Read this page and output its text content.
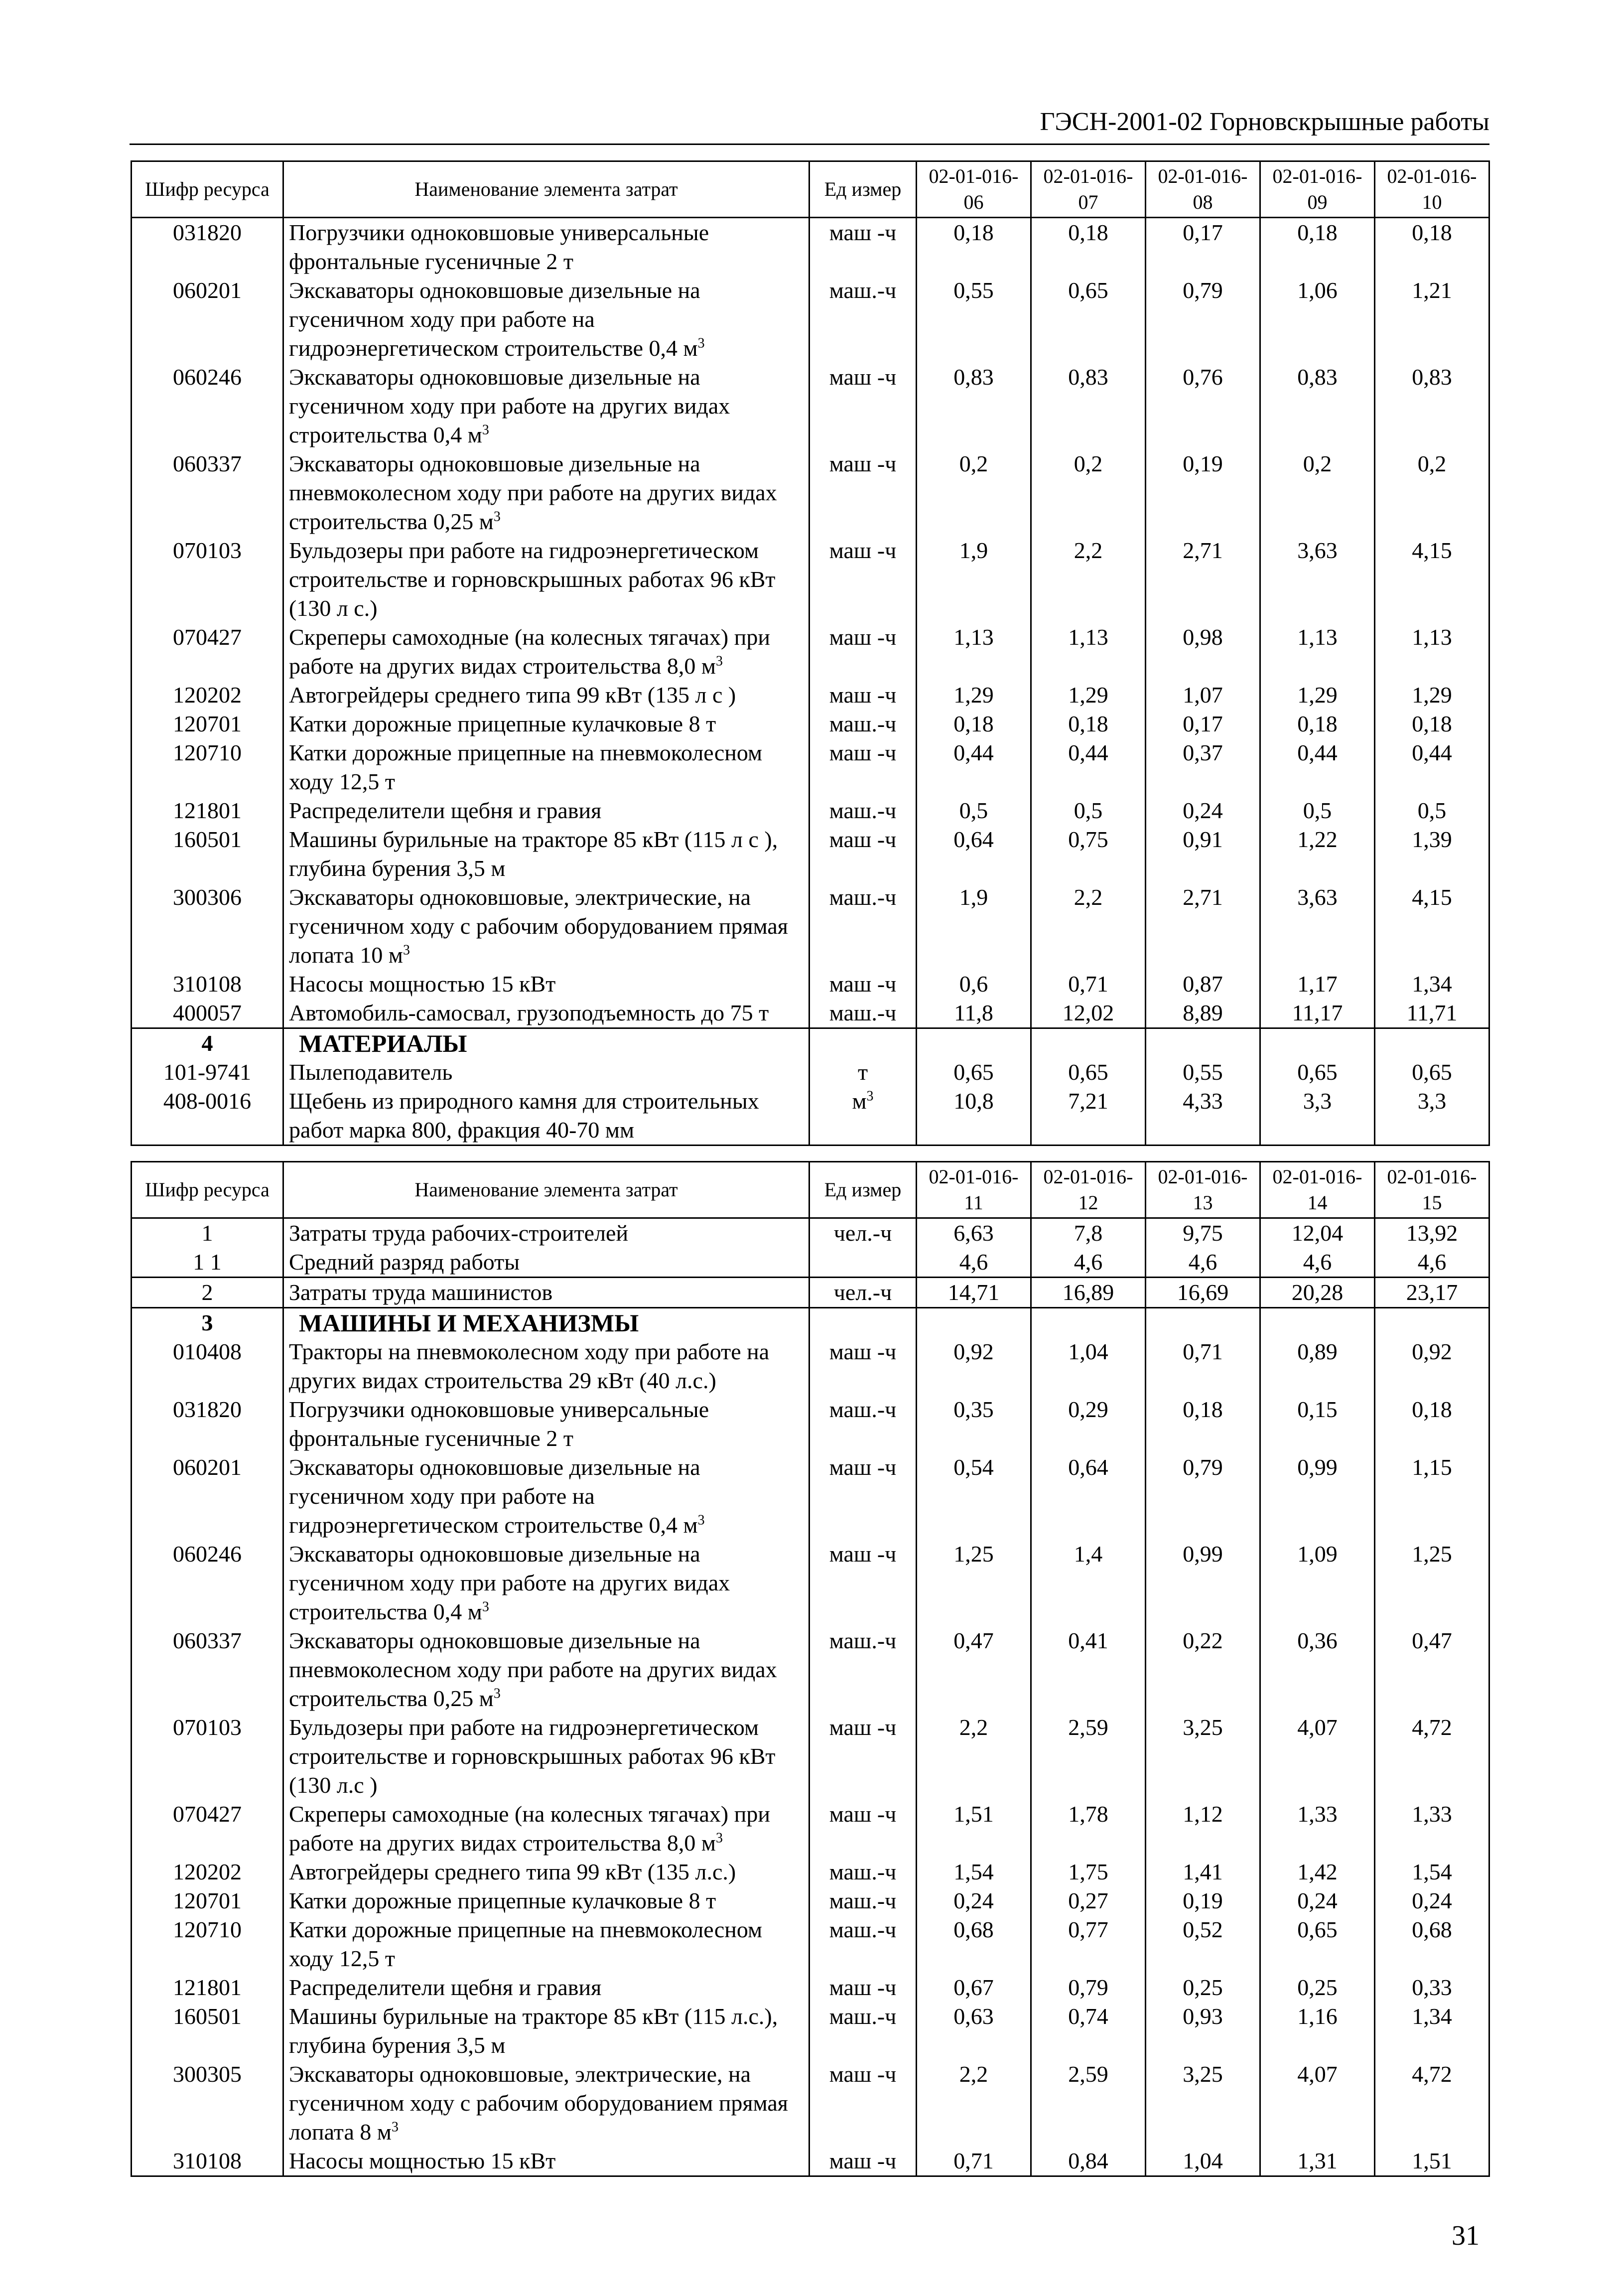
ГЭСН-2001-02 Горновскрышные работы
Шифр ресурса	Наименование элемента затрат	Ед измер	02-01-016-06	02-01-016-07	02-01-016-08	02-01-016-09	02-01-016-10
031820	Погрузчики одноковшовые универсальные фронтальные гусеничные 2 т	маш -ч	0,18	0,18	0,17	0,18	0,18
060201	Экскаваторы одноковшовые дизельные на гусеничном ходу при работе на гидроэнергетическом строительстве 0,4 $м^3$	маш.-ч	0,55	0,65	0,79	1,06	1,21
060246	Экскаваторы одноковшовые дизельные на гусеничном ходу при работе на других видах строительства 0,4 $м^3$	маш -ч	0,83	0,83	0,76	0,83	0,83
060337	Экскаваторы одноковшовые дизельные на пневмоколесном ходу при работе на других видах строительства 0,25 $м^3$	маш -ч	0,2	0,2	0,19	0,2	0,2
070103	Бульдозеры при работе на гидроэнергетическом строительстве и горновскрышных работах 96 кВт (130 л с.)	маш -ч	1,9	2,2	2,71	3,63	4,15
070427	Скреперы самоходные (на колесных тягачах) при работе на других видах строительства 8,0 $м^3$	маш -ч	1,13	1,13	0,98	1,13	1,13
120202	Автогрейдеры среднего типа 99 кВт (135 л с )	маш -ч	1,29	1,29	1,07	1,29	1,29
120701	Катки дорожные прицепные кулачковые 8 т	маш.-ч	0,18	0,18	0,17	0,18	0,18
120710	Катки дорожные прицепные на пневмоколесном ходу 12,5 т	маш -ч	0,44	0,44	0,37	0,44	0,44
121801	Распределители щебня и гравия	маш.-ч	0,5	0,5	0,24	0,5	0,5
160501	Машины бурильные на тракторе 85 кВт (115 л с ), глубина бурения 3,5 м	маш -ч	0,64	0,75	0,91	1,22	1,39
300306	Экскаваторы одноковшовые, электрические, на гусеничном ходу с рабочим оборудованием прямая лопата 10 $м^3$	маш.-ч	1,9	2,2	2,71	3,63	4,15
310108	Насосы мощностью 15 кВт	маш -ч	0,6	0,71	0,87	1,17	1,34
400057	Автомобиль-самосвал, грузоподъемность до 75 т	маш.-ч	11,8	12,02	8,89	11,17	11,71
4	МАТЕРИАЛЫ						
101-9741	Пылеподавитель	т	0,65	0,65	0,55	0,65	0,65
408-0016	Щебень из природного камня для строительных работ марка 800, фракция 40-70 мм	$м^3$	10,8	7,21	4,33	3,3	3,3
Шифр ресурса	Наименование элемента затрат	Ед измер	02-01-016-11	02-01-016-12	02-01-016-13	02-01-016-14	02-01-016-15
1	Затраты труда рабочих-строителей	чел.-ч	6,63	7,8	9,75	12,04	13,92
1 1	Средний разряд работы		4,6	4,6	4,6	4,6	4,6
2	Затраты труда машинистов	чел.-ч	14,71	16,89	16,69	20,28	23,17
3	МАШИНЫ И МЕХАНИЗМЫ						
010408	Тракторы на пневмоколесном ходу при работе на других видах строительства 29 кВт (40 л.с.)	маш -ч	0,92	1,04	0,71	0,89	0,92
031820	Погрузчики одноковшовые универсальные фронтальные гусеничные 2 т	маш.-ч	0,35	0,29	0,18	0,15	0,18
060201	Экскаваторы одноковшовые дизельные на гусеничном ходу при работе на гидроэнергетическом строительстве 0,4 $м^3$	маш -ч	0,54	0,64	0,79	0,99	1,15
060246	Экскаваторы одноковшовые дизельные на гусеничном ходу при работе на других видах строительства 0,4 $м^3$	маш -ч	1,25	1,4	0,99	1,09	1,25
060337	Экскаваторы одноковшовые дизельные на пневмоколесном ходу при работе на других видах строительства 0,25 $м^3$	маш.-ч	0,47	0,41	0,22	0,36	0,47
070103	Бульдозеры при работе на гидроэнергетическом строительстве и горновскрышных работах 96 кВт (130 л.с )	маш -ч	2,2	2,59	3,25	4,07	4,72
070427	Скреперы самоходные (на колесных тягачах) при работе на других видах строительства 8,0 $м^3$	маш -ч	1,51	1,78	1,12	1,33	1,33
120202	Автогрейдеры среднего типа 99 кВт (135 л.с.)	маш.-ч	1,54	1,75	1,41	1,42	1,54
120701	Катки дорожные прицепные кулачковые 8 т	маш.-ч	0,24	0,27	0,19	0,24	0,24
120710	Катки дорожные прицепные на пневмоколесном ходу 12,5 т	маш.-ч	0,68	0,77	0,52	0,65	0,68
121801	Распределители щебня и гравия	маш -ч	0,67	0,79	0,25	0,25	0,33
160501	Машины бурильные на тракторе 85 кВт (115 л.с.), глубина бурения 3,5 м	маш.-ч	0,63	0,74	0,93	1,16	1,34
300305	Экскаваторы одноковшовые, электрические, на гусеничном ходу с рабочим оборудованием прямая лопата 8 $м^3$	маш -ч	2,2	2,59	3,25	4,07	4,72
310108	Насосы мощностью 15 кВт	маш -ч	0,71	0,84	1,04	1,31	1,51
31
